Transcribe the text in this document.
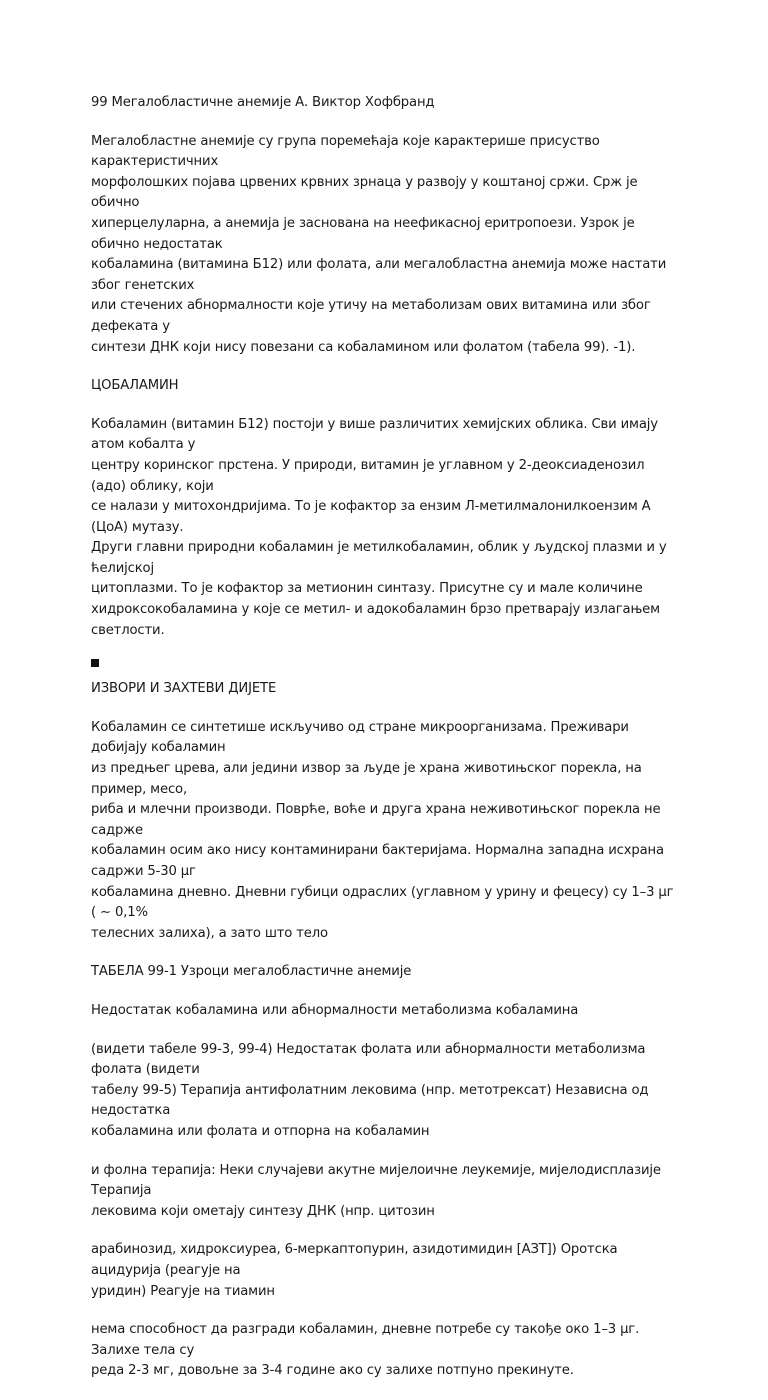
99 Мегалобластичне анемије А. Виктор Хофбранд

Мегалобластне анемије су група поремећаја које карактерише присуство карактеристичних
морфолошких појава црвених крвних зрнаца у развоју у коштаној сржи. Срж је обично
хиперцелуларна, а анемија је заснована на неефикасној еритропоези. Узрок је обично недостатак
кобаламина (витамина Б12) или фолата, али мегалобластна анемија може настати због генетских
или стечених абнормалности које утичу на метаболизам ових витамина или због дефеката у
синтези ДНК који нису повезани са кобаламином или фолатом (табела 99). -1).

ЦОБАЛАМИН

Кобаламин (витамин Б12) постоји у више различитих хемијских облика. Сви имају атом кобалта у
центру коринског прстена. У природи, витамин је углавном у 2-деоксиаденозил (адо) облику, који
се налази у митохондријима. То је кофактор за ензим Л-метилмалонилкоензим А (ЦоА) мутазу.
Други главни природни кобаламин је метилкобаламин, облик у људској плазми и у ћелијској
цитоплазми. То је кофактор за метионин синтазу. Присутне су и мале количине
хидроксокобаламина у које се метил- и адокобаламин брзо претварају излагањем светлости.

ИЗВОРИ И ЗАХТЕВИ ДИЈЕТЕ

Кобаламин се синтетише искључиво од стране микроорганизама. Преживари добијају кобаламин
из предњег црева, али једини извор за људе је храна животињског порекла, на пример, месо,
риба и млечни производи. Поврће, воће и друга храна неживотињског порекла не садрже
кобаламин осим ако нису контаминирани бактеријама. Нормална западна исхрана садржи 5-30 μг
кобаламина дневно. Дневни губици одраслих (углавном у урину и фецесу) су 1–3 μг ( ∼ 0,1%
телесних залиха), а зато што тело

ТАБЕЛА 99-1 Узроци мегалобластичне анемије

Недостатак кобаламина или абнормалности метаболизма кобаламина

(видети табеле 99-3, 99-4) Недостатак фолата или абнормалности метаболизма фолата (видети
табелу 99-5) Терапија антифолатним лековима (нпр. метотрексат) Независна од недостатка
кобаламина или фолата и отпорна на кобаламин

и фолна терапија: Неки случајеви акутне мијелоичне леукемије, мијелодисплазије Терапија
лековима који ометају синтезу ДНК (нпр. цитозин

арабинозид, хидроксиуреа, 6-меркаптопурин, азидотимидин [АЗТ]) Оротска ацидурија (реагује на
уридин) Реагује на тиамин

нема способност да разгради кобаламин, дневне потребе су такође око 1–3 μг. Залихе тела су
реда 2-3 мг, довољне за 3-4 године ако су залихе потпуно прекинуте.
